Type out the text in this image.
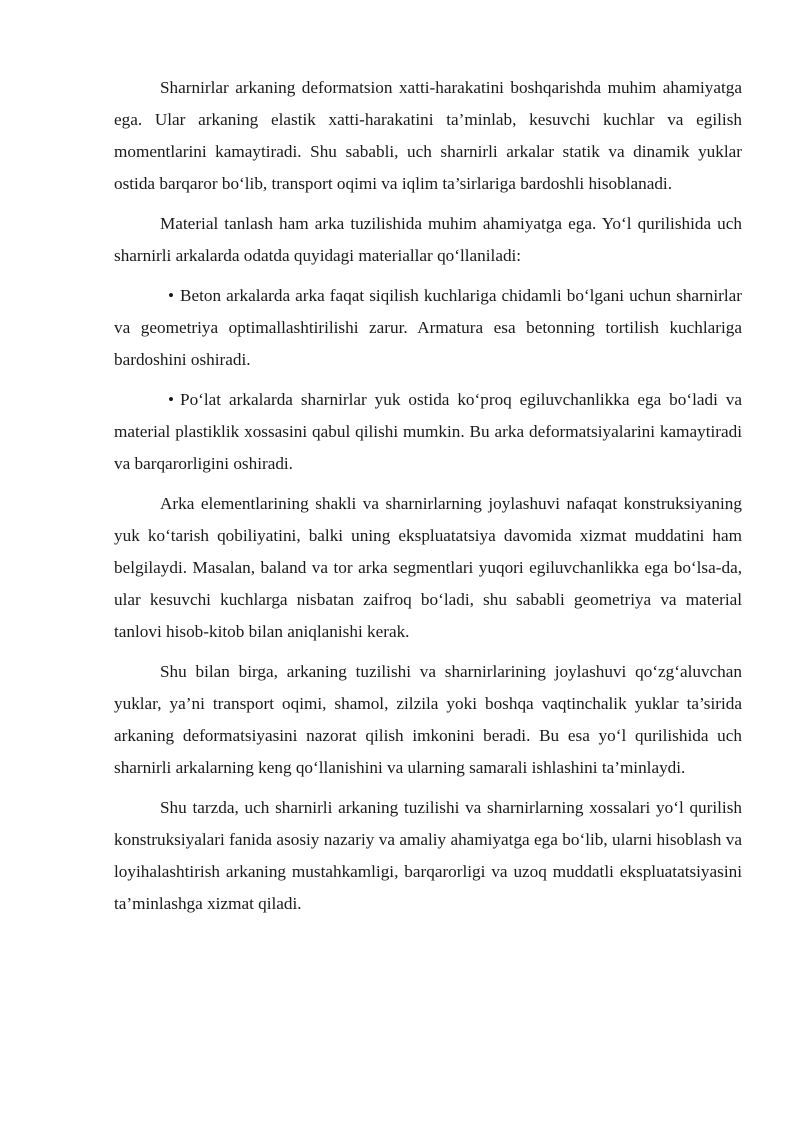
Sharnirlar arkaning deformatsion xatti-harakatini boshqarishda muhim ahamiyatga ega. Ular arkaning elastik xatti-harakatini ta’minlab, kesuvchi kuchlar va egilish momentlarini kamaytiradi. Shu sababli, uch sharnirli arkalar statik va dinamik yuklar ostida barqaror bo‘lib, transport oqimi va iqlim ta’sirlariga bardoshli hisoblanadi.

Material tanlash ham arka tuzilishida muhim ahamiyatga ega. Yo‘l qurilishida uch sharnirli arkalarda odatda quyidagi materiallar qo‘llaniladi:

• Beton arkalarda arka faqat siqilish kuchlariga chidamli bo‘lgani uchun sharnirlar va geometriya optimallashtirilishi zarur. Armatura esa betonning tortilish kuchlariga bardoshini oshiradi.

• Po‘lat arkalarda sharnirlar yuk ostida ko‘proq egiluvchanlikka ega bo‘ladi va material plastiklik xossasini qabul qilishi mumkin. Bu arka deformatsiyalarini kamaytiradi va barqarorligini oshiradi.

Arka elementlarining shakli va sharnirlarning joylashuvi nafaqat konstruksiyaning yuk ko‘tarish qobiliyatini, balki uning ekspluatatsiya davomida xizmat muddatini ham belgilaydi. Masalan, baland va tor arka segmentlari yuqori egiluvchanlikka ega bo‘lsa-da, ular kesuvchi kuchlarga nisbatan zaifroq bo‘ladi, shu sababli geometriya va material tanlovi hisob-kitob bilan aniqlanishi kerak.

Shu bilan birga, arkaning tuzilishi va sharnirlarining joylashuvi qo‘zg‘aluvchan yuklar, ya’ni transport oqimi, shamol, zilzila yoki boshqa vaqtinchalik yuklar ta’sirida arkaning deformatsiyasini nazorat qilish imkonini beradi. Bu esa yo‘l qurilishida uch sharnirli arkalarning keng qo‘llanishini va ularning samarali ishlashini ta’minlaydi.

Shu tarzda, uch sharnirli arkaning tuzilishi va sharnirlarning xossalari yo‘l qurilish konstruksiyalari fanida asosiy nazariy va amaliy ahamiyatga ega bo‘lib, ularni hisoblash va loyihalashtirish arkaning mustahkamligi, barqarorligi va uzoq muddatli ekspluatatsiyasini ta’minlashga xizmat qiladi.
